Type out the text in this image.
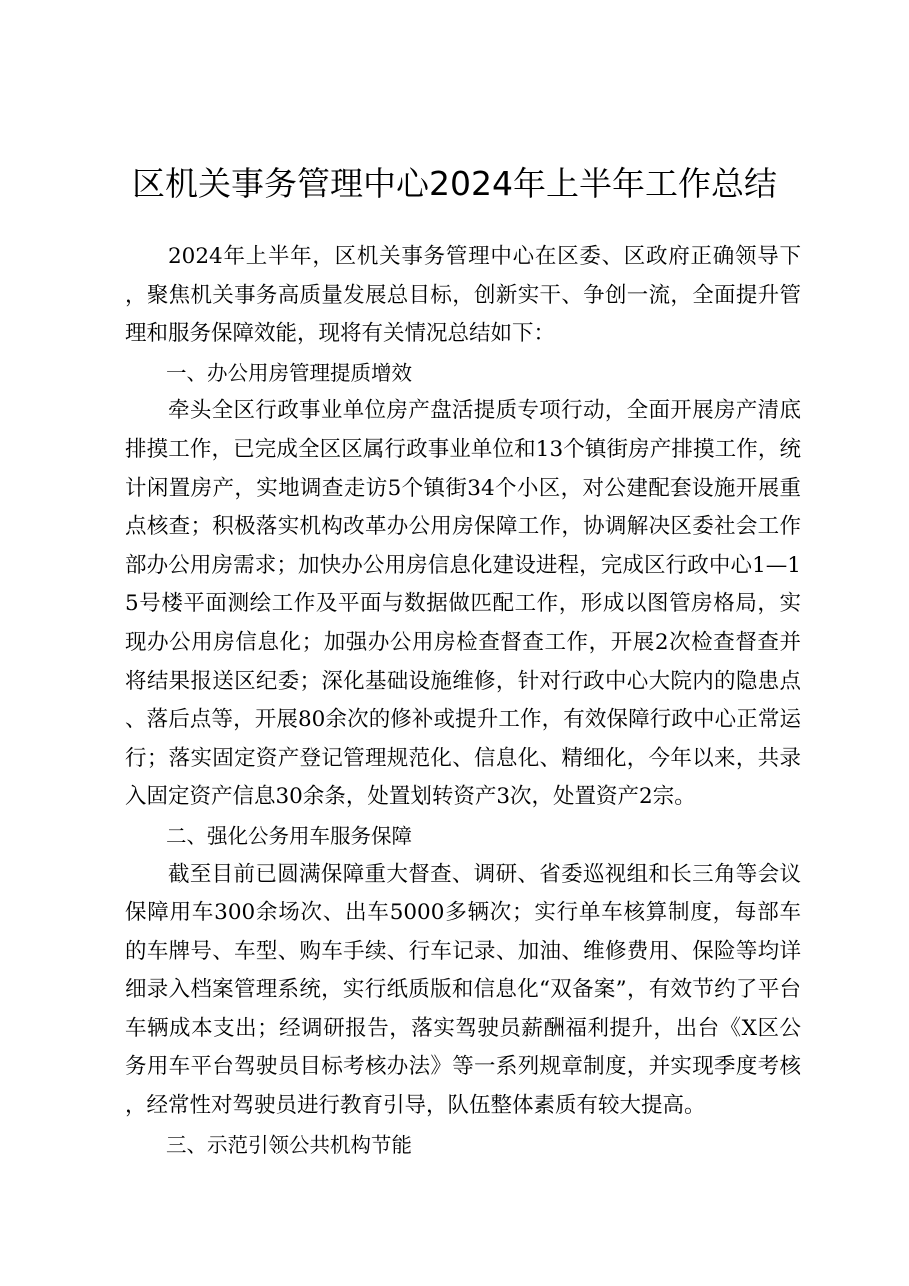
区机关事务管理中心2024年上半年工作总结

2024年上半年，区机关事务管理中心在区委、区政府正确领导下，聚焦机关事务高质量发展总目标，创新实干、争创一流，全面提升管理和服务保障效能，现将有关情况总结如下：

一、办公用房管理提质增效

牵头全区行政事业单位房产盘活提质专项行动，全面开展房产清底排摸工作，已完成全区区属行政事业单位和13个镇街房产排摸工作，统计闲置房产，实地调查走访5个镇街34个小区，对公建配套设施开展重点核查；积极落实机构改革办公用房保障工作，协调解决区委社会工作部办公用房需求；加快办公用房信息化建设进程，完成区行政中心1—15号楼平面测绘工作及平面与数据做匹配工作，形成以图管房格局，实现办公用房信息化；加强办公用房检查督查工作，开展2次检查督查并将结果报送区纪委；深化基础设施维修，针对行政中心大院内的隐患点、落后点等，开展80余次的修补或提升工作，有效保障行政中心正常运行；落实固定资产登记管理规范化、信息化、精细化，今年以来，共录入固定资产信息30余条，处置划转资产3次，处置资产2宗。

二、强化公务用车服务保障

截至目前已圆满保障重大督查、调研、省委巡视组和长三角等会议保障用车300余场次、出车5000多辆次；实行单车核算制度，每部车的车牌号、车型、购车手续、行车记录、加油、维修费用、保险等均详细录入档案管理系统，实行纸质版和信息化“双备案”，有效节约了平台车辆成本支出；经调研报告，落实驾驶员薪酬福利提升，出台《X区公务用车平台驾驶员目标考核办法》等一系列规章制度，并实现季度考核，经常性对驾驶员进行教育引导，队伍整体素质有较大提高。

三、示范引领公共机构节能
